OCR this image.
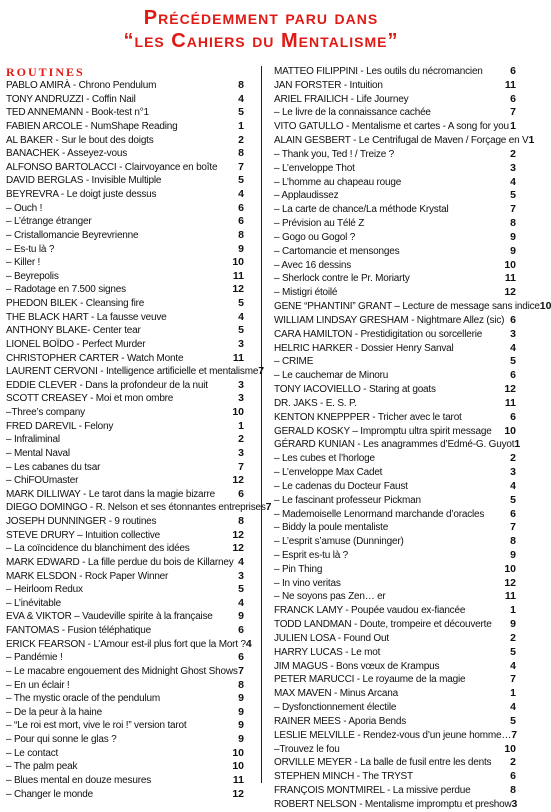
Précédemment paru dans
“les Cahiers du Mentalisme”
ROUTINES
PABLO AMIRÀ - Chrono Pendulum	8
TONY ANDRUZZI - Coffin Nail	4
TED ANNEMANN - Book-test n°1	5
FABIEN ARCOLE - NumShape Reading	1
AL BAKER - Sur le bout des doigts	2
BANACHEK - Asseyez-vous	8
ALFONSO BARTOLACCI - Clairvoyance en boîte	7
DAVID BERGLAS - Invisible Multiple	5
BEYREVRA - Le doigt juste dessus	4
– Ouch !	6
– L’étrange étranger	6
– Cristallomancie Beyrevrienne	8
– Es-tu là ?	9
– Killer !	10
– Beyrepolis	11
– Radotage en 7.500 signes	12
PHEDON BILEK - Cleansing fire	5
THE BLACK HART - La fausse veuve	4
ANTHONY BLAKE- Center tear	5
LIONEL BOÏDO - Perfect Murder	3
CHRISTOPHER CARTER - Watch Monte	11
LAURENT CERVONI - Intelligence artificielle et mentalisme 7
EDDIE CLEVER - Dans la profondeur de la nuit	3
SCOTT CREASEY - Moi et mon ombre	3
–Three’s company	10
FRED DAREVIL - Felony	1
– Infraliminal	2
– Mental Naval	3
– Les cabanes du tsar	7
– ChiFOUmaster	12
MARK DILLIWAY - Le tarot dans la magie bizarre	6
DIEGO DOMINGO - R. Nelson et ses étonnantes entreprises 7
JOSEPH DUNNINGER - 9 routines	8
STEVE DRURY – Intuition collective	12
– La coïncidence du blanchiment des idées	12
MARK EDWARD - La fille perdue du bois de Killarney 4
MARK ELSDON - Rock Paper Winner	3
– Heirloom Redux	5
– L’inévitable	4
EVA & VIKTOR – Vaudeville spirite à la française	9
FANTOMAS - Fusion téléphatique	6
ERICK FEARSON - L’Amour est-il plus fort que la Mort ? 4
– Pandémie !	6
– Le macabre engouement des Midnight Ghost Shows 7
– En un éclair !	8
– The mystic oracle of the pendulum	9
– De la peur à la haine	9
– “Le roi est mort, vive le roi !” version tarot	9
– Pour qui sonne le glas ?	9
– Le contact	10
– The palm peak	10
– Blues mental en douze mesures	11
– Changer le monde	12
MATTEO FILIPPINI - Les outils du nécromancien	6
JAN FORSTER - Intuition	11
ARIEL FRAILICH - Life Journey	6
– Le livre de la connaissance cachée	7
VITO GATULLO - Mentalisme et cartes - A song for you 1
ALAIN GESBERT - Le Centrifugal de Maven / Forçage en V 1
– Thank you, Ted ! / Treize ?	2
– L’enveloppe Thot	3
– L’homme au chapeau rouge	4
– Applaudissez	5
– La carte de chance/La méthode Krystal	7
– Prévision au Télé Z	8
– Gogo ou Gogol ?	9
– Cartomancie et mensonges	9
– Avec 16 dessins	10
– Sherlock contre le Pr. Moriarty	11
– Mistigri étoilé	12
GENE “PHANTINI” GRANT – Lecture de message sans indice 10
WILLIAM LINDSAY GRESHAM - Nightmare Allez (sic) 6
CARA HAMILTON - Prestidigitation ou sorcellerie	3
HELRIC HARKER - Dossier Henry Sanval	4
– CRIME	5
– Le cauchemar de Minoru	6
TONY IACOVIELLO - Staring at goats	12
DR. JAKS - E. S. P.	11
KENTON KNEPPPER - Tricher avec le tarot	6
GERALD KOSKY – Impromptu ultra spirit message	10
GÉRARD KUNIAN - Les anagrammes d’Edmé-G. Guyot 1
– Les cubes et l’horloge	2
– L’enveloppe Max Cadet	3
– Le cadenas du Docteur Faust	4
– Le fascinant professeur Pickman	5
– Mademoiselle Lenormand marchande d’oracles	6
– Biddy la poule mentaliste	7
– L’esprit s’amuse (Dunninger)	8
– Esprit es-tu là ?	9
– Pin Thing	10
– In vino veritas	12
– Ne soyons pas Zen… er	11
FRANCK LAMY - Poupée vaudou ex-fiancée	1
TODD LANDMAN - Doute, trompeire et découverte	9
JULIEN LOSA - Found Out	2
HARRY LUCAS - Le mot	5
JIM MAGUS - Bons vœux de Krampus	4
PETER MARUCCI - Le royaume de la magie	7
MAX MAVEN - Minus Arcana	1
– Dysfonctionnement électile	4
RAINER MEES - Aporia Bends	5
LESLIE MELVILLE - Rendez-vous d’un jeune homme… 7
–Trouvez le fou	10
ORVILLE MEYER - La balle de fusil entre les dents	2
STEPHEN MINCH - The TRYST	6
FRANÇOIS MONTMIREL - La missive perdue	8
ROBERT NELSON - Mentalisme impromptu et preshow 3
